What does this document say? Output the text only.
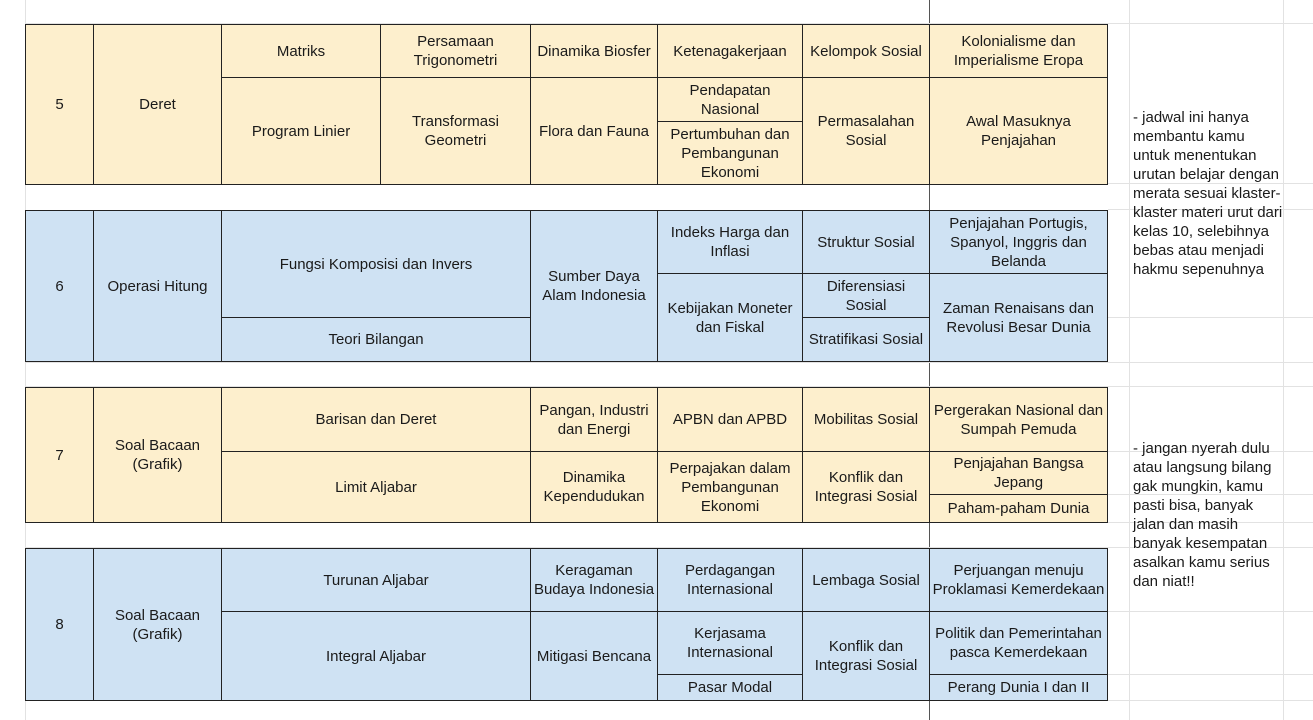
5	Deret
Matriks
Program Linier
Persamaan Trigonometri
Transformasi Geometri
Dinamika Biosfer
Flora dan Fauna
Ketenagakerjaan
Pendapatan Nasional
Pertumbuhan dan Pembangunan Ekonomi
Kelompok Sosial
Permasalahan Sosial
Kolonialisme dan Imperialisme Eropa
Awal Masuknya Penjajahan
6	Operasi Hitung
Fungsi Komposisi dan Invers
Teori Bilangan
Sumber Daya Alam Indonesia
Indeks Harga dan Inflasi
Kebijakan Moneter dan Fiskal
Struktur Sosial
Diferensiasi Sosial
Stratifikasi Sosial
Penjajahan Portugis, Spanyol, Inggris dan Belanda
Zaman Renaisans dan Revolusi Besar Dunia
7
Soal Bacaan (Grafik)
Barisan dan Deret
Limit Aljabar
Pangan, Industri dan Energi
Dinamika Kependudukan
APBN dan APBD
Perpajakan dalam Pembangunan Ekonomi
Mobilitas Sosial
Konflik dan Integrasi Sosial
Pergerakan Nasional dan Sumpah Pemuda
Penjajahan Bangsa Jepang
Paham-paham Dunia
8
Soal Bacaan (Grafik)
Turunan Aljabar
Integral Aljabar
Keragaman Budaya Indonesia
Mitigasi Bencana
Perdagangan Internasional
Kerjasama Internasional
Pasar Modal
Lembaga Sosial
Konflik dan Integrasi Sosial
Perjuangan menuju Proklamasi Kemerdekaan
Politik dan Pemerintahan pasca Kemerdekaan
Perang Dunia I dan II
- jadwal ini hanya membantu kamu untuk menentukan urutan belajar dengan merata sesuai klaster-klaster materi urut dari kelas 10, selebihnya bebas atau menjadi hakmu sepenuhnya
- jangan nyerah dulu atau langsung bilang gak mungkin, kamu pasti bisa, banyak jalan dan masih banyak kesempatan asalkan kamu serius dan niat!!
